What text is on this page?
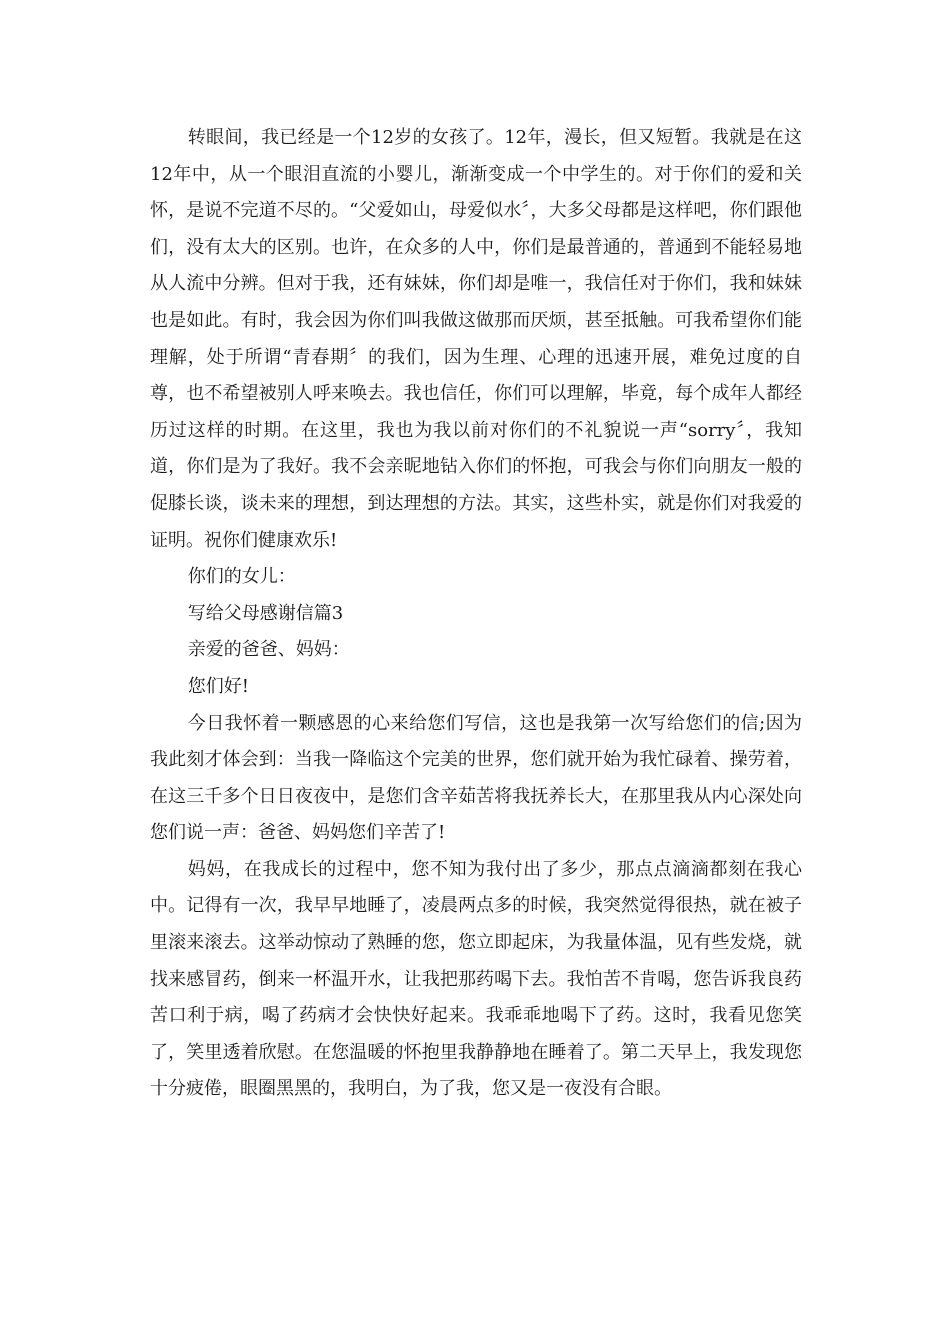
转眼间，我已经是一个12岁的女孩了。12年，漫长，但又短暂。我就是在这12年中，从一个眼泪直流的小婴儿，渐渐变成一个中学生的。对于你们的爱和关怀，是说不完道不尽的。“父爱如山，母爱似水〞，大多父母都是这样吧，你们跟他们，没有太大的区别。也许，在众多的人中，你们是最普通的，普通到不能轻易地从人流中分辨。但对于我，还有妹妹，你们却是唯一，我信任对于你们，我和妹妹也是如此。有时，我会因为你们叫我做这做那而厌烦，甚至抵触。可我希望你们能理解，处于所谓“青春期〞的我们，因为生理、心理的迅速开展，难免过度的自尊，也不希望被别人呼来唤去。我也信任，你们可以理解，毕竟，每个成年人都经历过这样的时期。在这里，我也为我以前对你们的不礼貌说一声“sorry〞，我知道，你们是为了我好。我不会亲昵地钻入你们的怀抱，可我会与你们向朋友一般的促膝长谈，谈未来的理想，到达理想的方法。其实，这些朴实，就是你们对我爱的证明。祝你们健康欢乐!

你们的女儿：

写给父母感谢信篇3

亲爱的爸爸、妈妈：

您们好!

今日我怀着一颗感恩的心来给您们写信，这也是我第一次写给您们的信;因为我此刻才体会到：当我一降临这个完美的世界，您们就开始为我忙碌着、操劳着，在这三千多个日日夜夜中，是您们含辛茹苦将我抚养长大，在那里我从内心深处向您们说一声：爸爸、妈妈您们辛苦了!

妈妈，在我成长的过程中，您不知为我付出了多少，那点点滴滴都刻在我心中。记得有一次，我早早地睡了，凌晨两点多的时候，我突然觉得很热，就在被子里滚来滚去。这举动惊动了熟睡的您，您立即起床，为我量体温，见有些发烧，就找来感冒药，倒来一杯温开水，让我把那药喝下去。我怕苦不肯喝，您告诉我良药苦口利于病，喝了药病才会快快好起来。我乖乖地喝下了药。这时，我看见您笑了，笑里透着欣慰。在您温暖的怀抱里我静静地在睡着了。第二天早上，我发现您十分疲倦，眼圈黑黑的，我明白，为了我，您又是一夜没有合眼。
